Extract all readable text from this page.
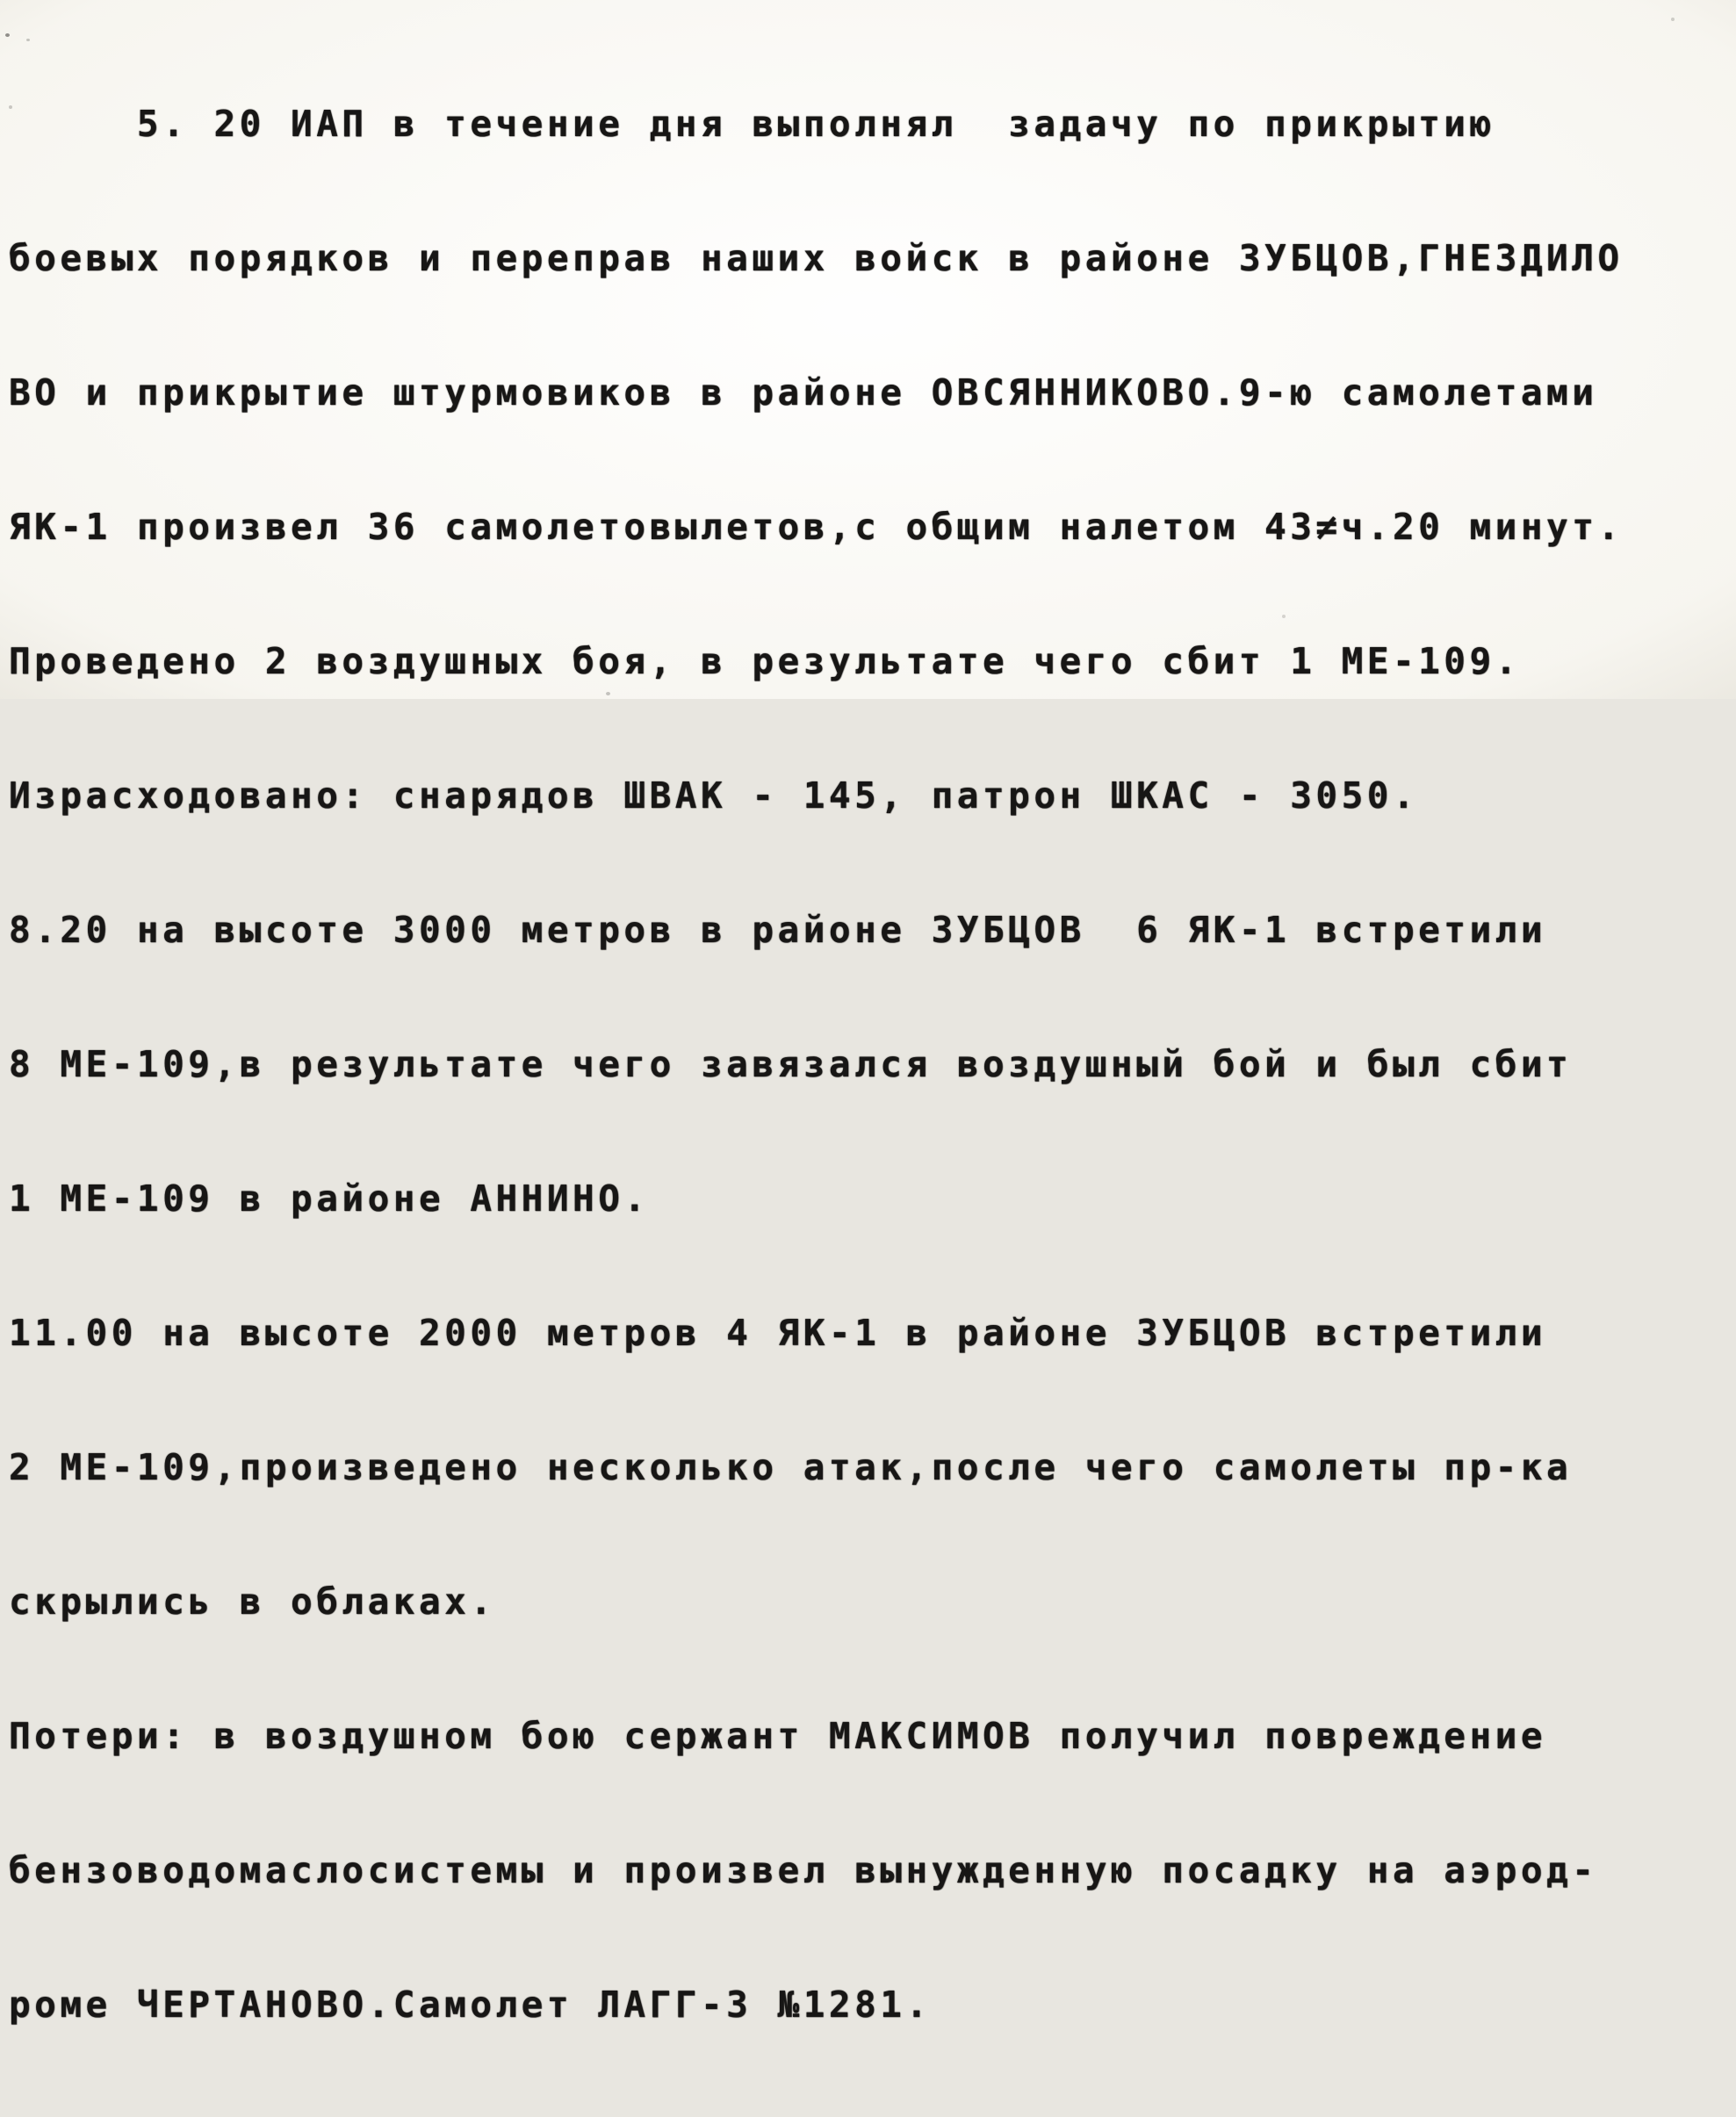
5. 20 ИАП в течение дня выполнял  задачу по прикрытию

боевых порядков и переправ наших войск в районе ЗУБЦОВ,ГНЕЗДИЛО

ВО и прикрытие штурмовиков в районе ОВСЯННИКОВО.9-ю самолетами

ЯК-1 произвел 36 самолетовылетов,с общим налетом 43≠ч.20 минут.

Проведено 2 воздушных боя, в результате чего сбит 1 МЕ-109.

Израсходовано: снарядов ШВАК - 145, патрон ШКАС - 3050.

8.20 на высоте 3000 метров в районе ЗУБЦОВ  6 ЯК-1 встретили

8 МЕ-109,в результате чего завязался воздушный бой и был сбит

1 МЕ-109 в районе АННИНО.

11.00 на высоте 2000 метров 4 ЯК-1 в районе ЗУБЦОВ встретили

2 МЕ-109,произведено несколько атак,после чего самолеты пр-ка

скрылись в облаках.

Потери: в воздушном бою сержант МАКСИМОВ получил повреждение

бензоводомаслосистемы и произвел вынужденную посадку на аэрод-

роме ЧЕРТАНОВО.Самолет ЛАГГ-3 №1281.
